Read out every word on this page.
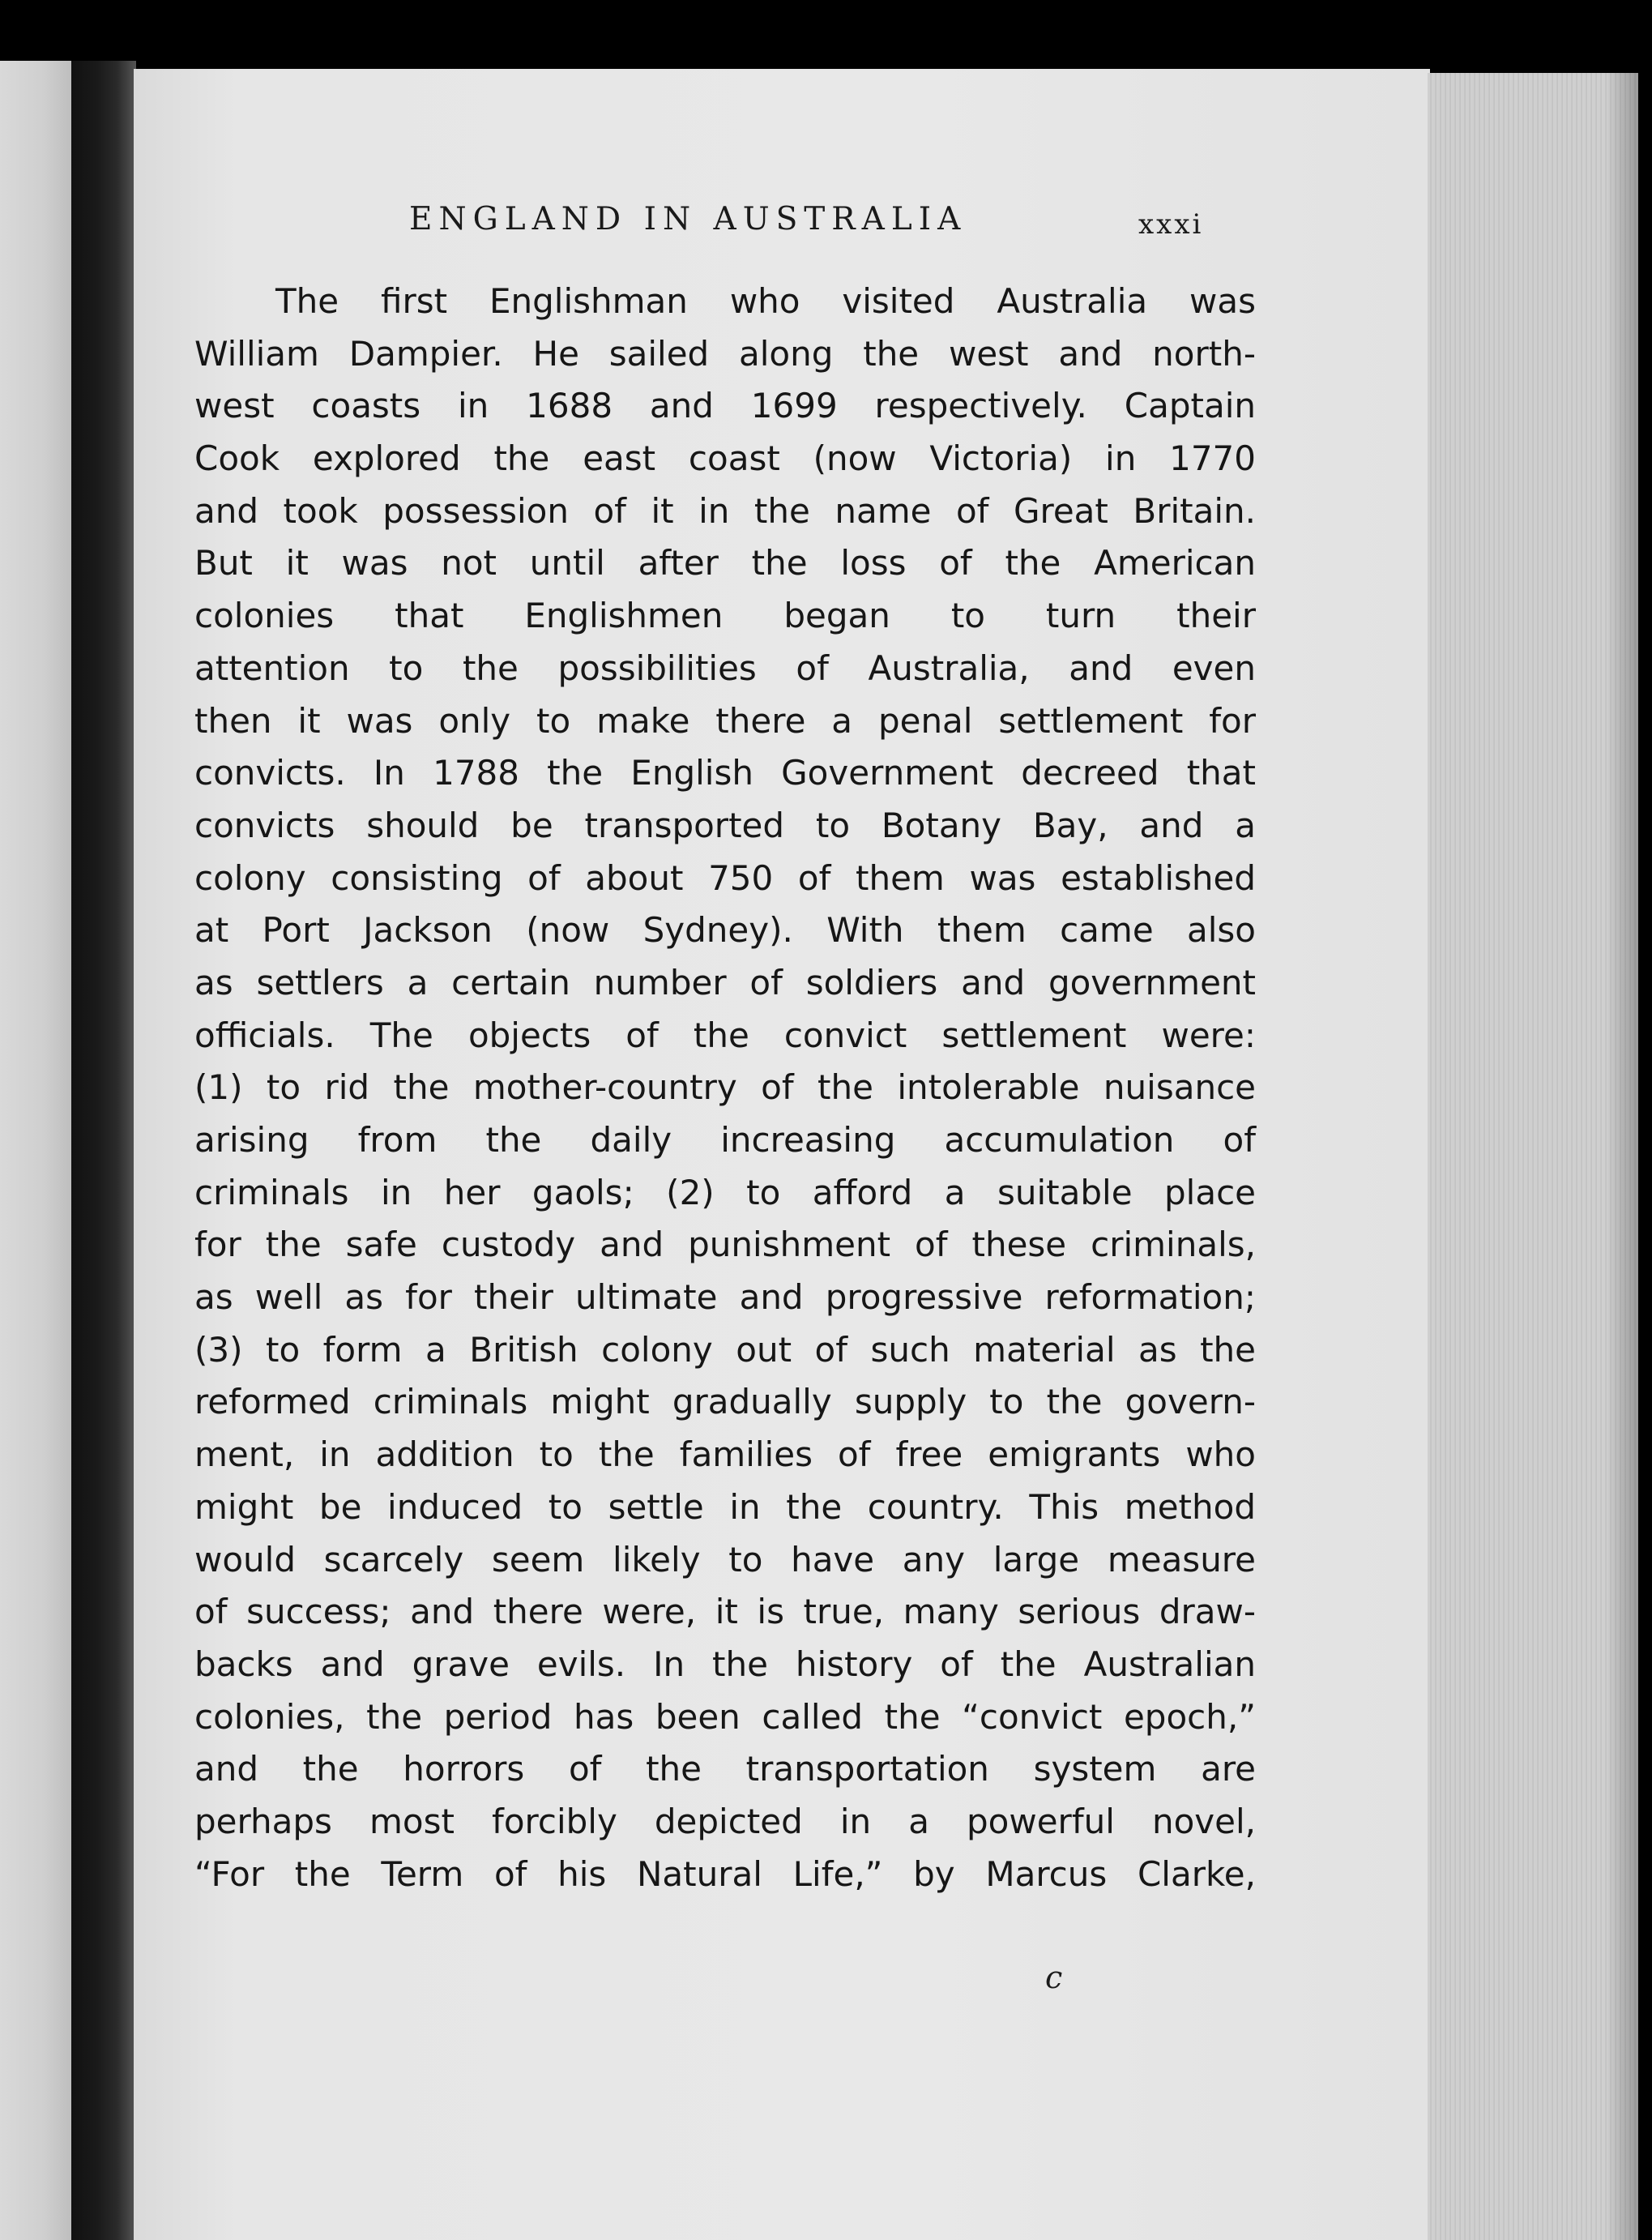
ENGLAND IN AUSTRALIA	xxxi
The first Englishman who visited Australia was
William Dampier. He sailed along the west and north-
west coasts in 1688 and 1699 respectively. Captain
Cook explored the east coast (now Victoria) in 1770
and took possession of it in the name of Great Britain.
But it was not until after the loss of the American
colonies that Englishmen began to turn their
attention to the possibilities of Australia, and even
then it was only to make there a penal settlement for
convicts. In 1788 the English Government decreed that
convicts should be transported to Botany Bay, and a
colony consisting of about 750 of them was established
at Port Jackson (now Sydney). With them came also
as settlers a certain number of soldiers and government
officials. The objects of the convict settlement were:
(1) to rid the mother-country of the intolerable nuisance
arising from the daily increasing accumulation of
criminals in her gaols; (2) to afford a suitable place
for the safe custody and punishment of these criminals,
as well as for their ultimate and progressive reformation;
(3) to form a British colony out of such material as the
reformed criminals might gradually supply to the govern-
ment, in addition to the families of free emigrants who
might be induced to settle in the country. This method
would scarcely seem likely to have any large measure
of success; and there were, it is true, many serious draw-
backs and grave evils. In the history of the Australian
colonies, the period has been called the “convict epoch,”
and the horrors of the transportation system are
perhaps most forcibly depicted in a powerful novel,
“For the Term of his Natural Life,” by Marcus Clarke,
c
